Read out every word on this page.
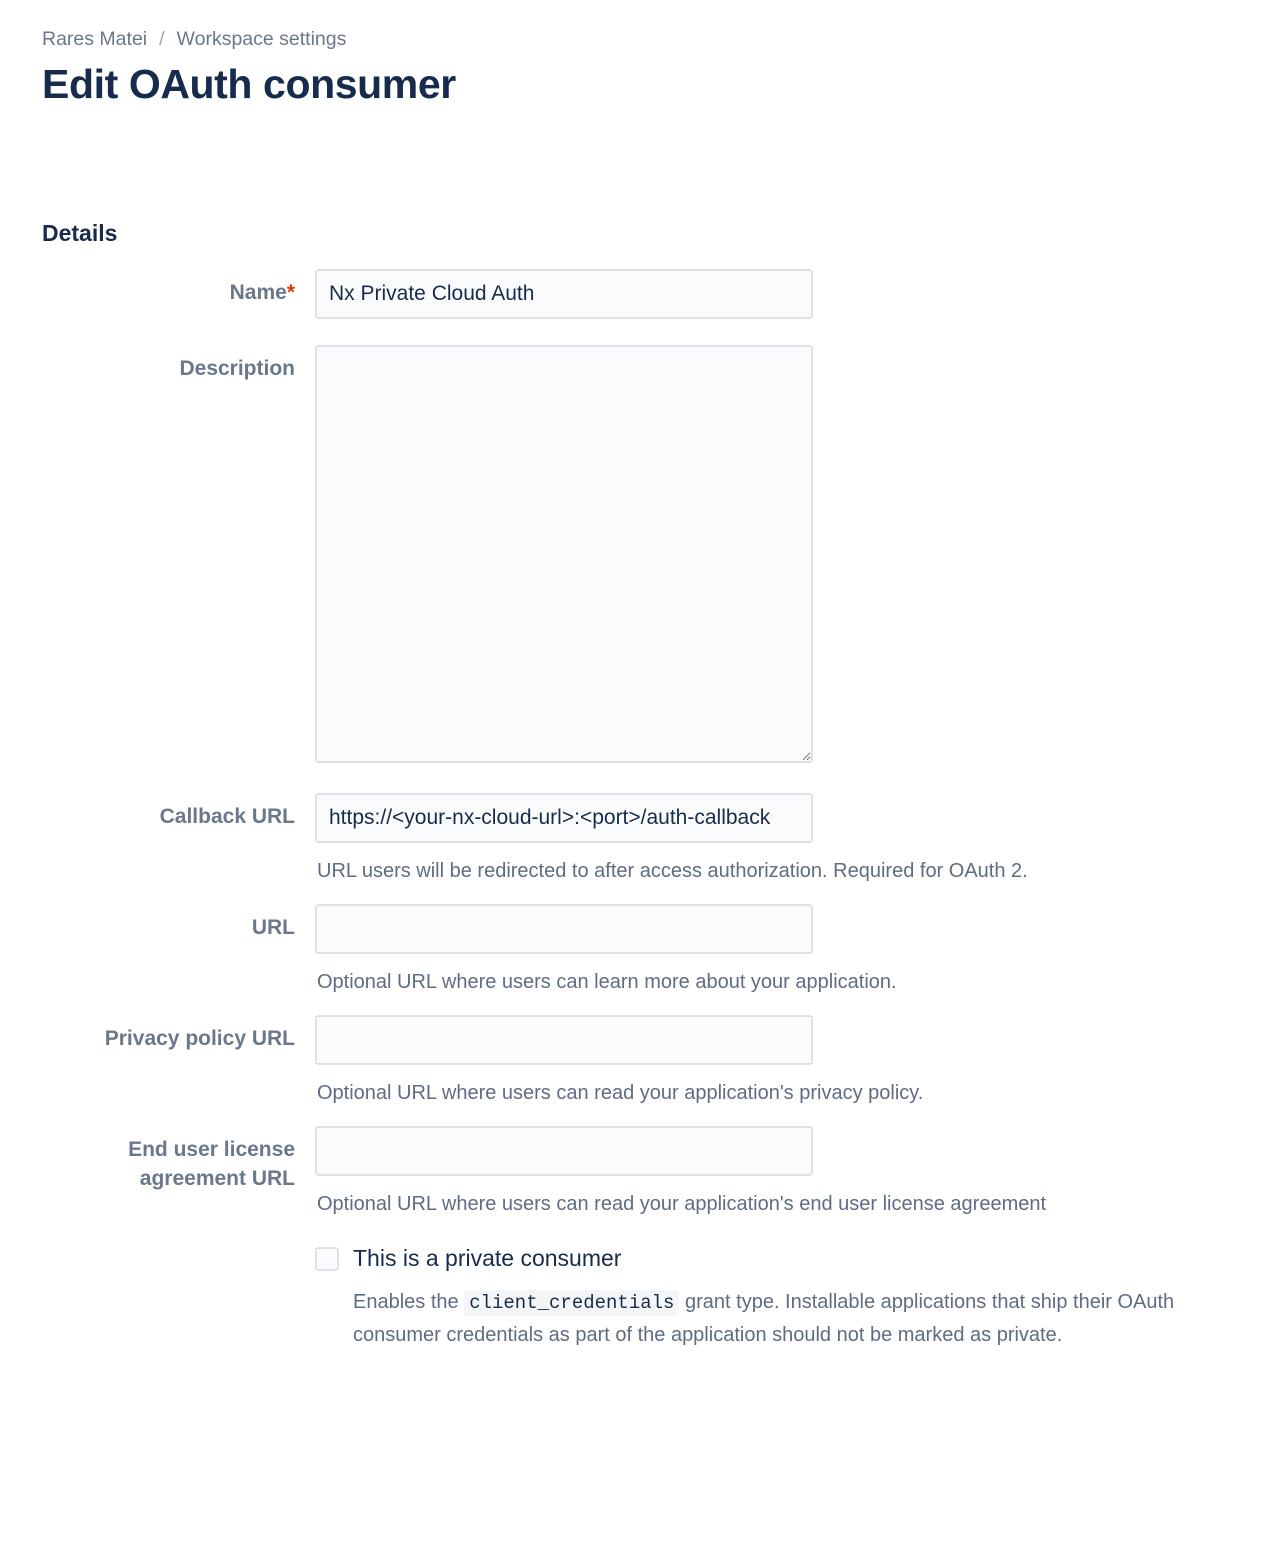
Rares Matei / Workspace settings
Edit OAuth consumer
Details
Name*
Nx Private Cloud Auth
Description
Callback URL
https://<your-nx-cloud-url>:<port>/auth-callback
URL users will be redirected to after access authorization. Required for OAuth 2.
URL
Optional URL where users can learn more about your application.
Privacy policy URL
Optional URL where users can read your application's privacy policy.
End user license agreement URL
Optional URL where users can read your application's end user license agreement
This is a private consumer
Enables the client_credentials grant type. Installable applications that ship their OAuth consumer credentials as part of the application should not be marked as private.
